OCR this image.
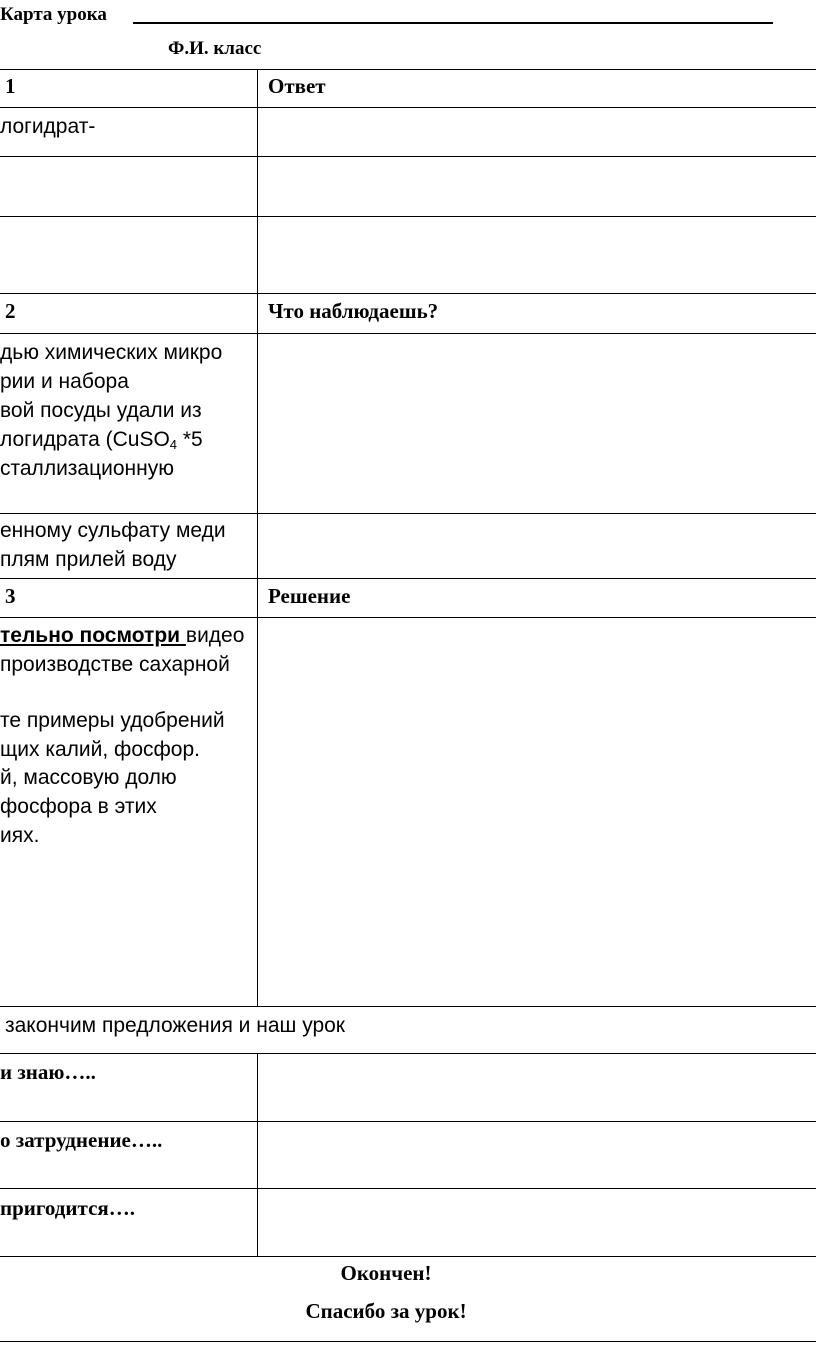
Карта урока
Ф.И. класс
1	Ответ
логидрат-
2	Что наблюдаешь?
дью химических микро
рии и набора
вой посуды удали из
логидрата (CuSO$_4$ *5
сталлизационную
енному сульфату меди
плям прилей воду
3	Решение
тельно посмотри видео
производстве сахарной
те примеры удобрений
щих калий, фосфор.
й, массовую долю
фосфора в этих
иях.
закончим предложения и наш урок
и знаю…..
о затруднение…..
пригодится….
Окончен!
Спасибо за урок!
